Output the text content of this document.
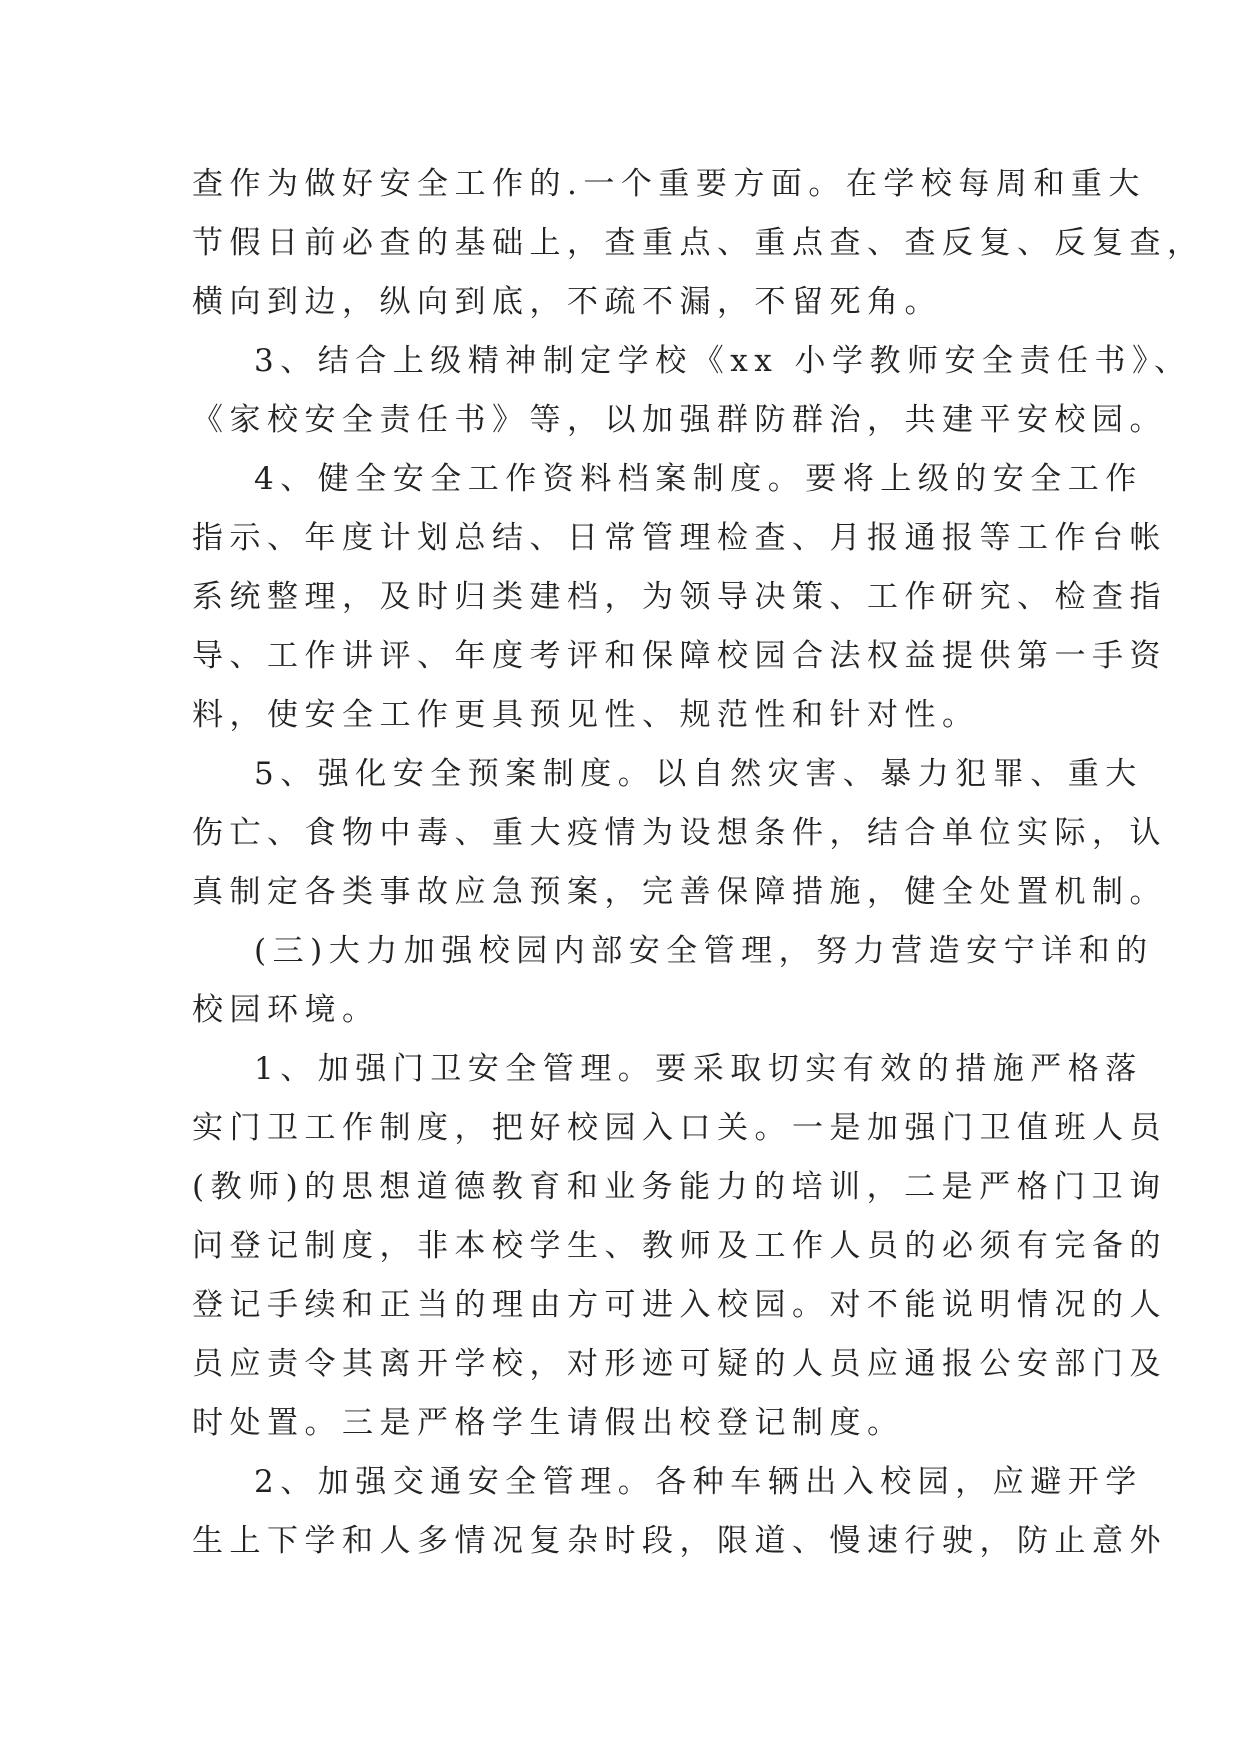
查作为做好安全工作的.一个重要方面。在学校每周和重大
节假日前必查的基础上，查重点、重点查、查反复、反复查，
横向到边，纵向到底，不疏不漏，不留死角。
3、结合上级精神制定学校《xx 小学教师安全责任书》、
《家校安全责任书》等，以加强群防群治，共建平安校园。
4、健全安全工作资料档案制度。要将上级的安全工作
指示、年度计划总结、日常管理检查、月报通报等工作台帐
系统整理，及时归类建档，为领导决策、工作研究、检查指
导、工作讲评、年度考评和保障校园合法权益提供第一手资
料，使安全工作更具预见性、规范性和针对性。
5、强化安全预案制度。以自然灾害、暴力犯罪、重大
伤亡、食物中毒、重大疫情为设想条件，结合单位实际，认
真制定各类事故应急预案，完善保障措施，健全处置机制。
(三)大力加强校园内部安全管理，努力营造安宁详和的
校园环境。
1、加强门卫安全管理。要采取切实有效的措施严格落
实门卫工作制度，把好校园入口关。一是加强门卫值班人员
(教师)的思想道德教育和业务能力的培训，二是严格门卫询
问登记制度，非本校学生、教师及工作人员的必须有完备的
登记手续和正当的理由方可进入校园。对不能说明情况的人
员应责令其离开学校，对形迹可疑的人员应通报公安部门及
时处置。三是严格学生请假出校登记制度。
2、加强交通安全管理。各种车辆出入校园，应避开学
生上下学和人多情况复杂时段，限道、慢速行驶，防止意外
